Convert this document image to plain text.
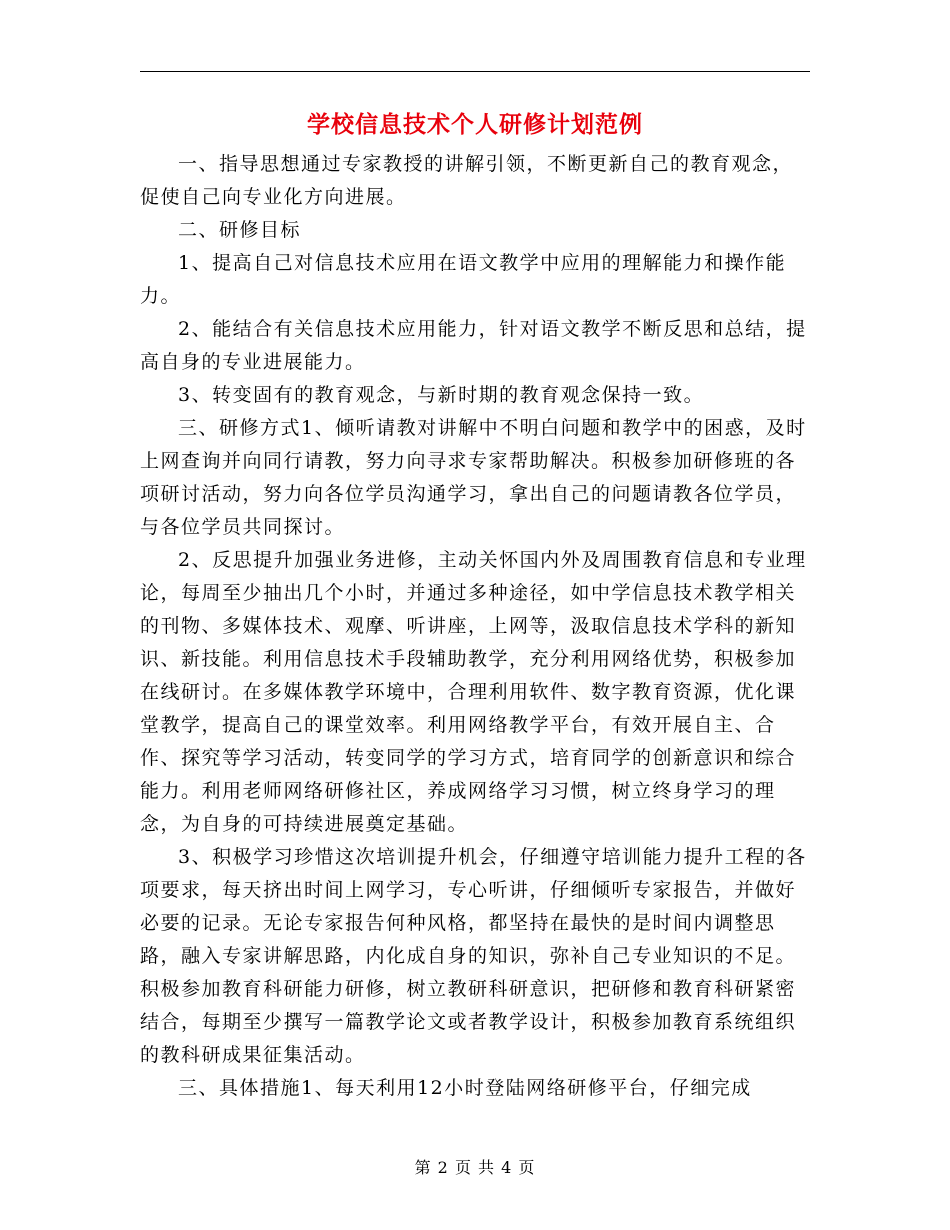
学校信息技术个人研修计划范例

一、指导思想通过专家教授的讲解引领，不断更新自己的教育观念，促使自己向专业化方向进展。

二、研修目标

1、提高自己对信息技术应用在语文教学中应用的理解能力和操作能力。

2、能结合有关信息技术应用能力，针对语文教学不断反思和总结，提高自身的专业进展能力。

3、转变固有的教育观念，与新时期的教育观念保持一致。

三、研修方式1、倾听请教对讲解中不明白问题和教学中的困惑，及时上网查询并向同行请教，努力向寻求专家帮助解决。积极参加研修班的各项研讨活动，努力向各位学员沟通学习，拿出自己的问题请教各位学员，与各位学员共同探讨。

2、反思提升加强业务进修，主动关怀国内外及周围教育信息和专业理论，每周至少抽出几个小时，并通过多种途径，如中学信息技术教学相关的刊物、多媒体技术、观摩、听讲座，上网等，汲取信息技术学科的新知识、新技能。利用信息技术手段辅助教学，充分利用网络优势，积极参加在线研讨。在多媒体教学环境中，合理利用软件、数字教育资源，优化课堂教学，提高自己的课堂效率。利用网络教学平台，有效开展自主、合作、探究等学习活动，转变同学的学习方式，培育同学的创新意识和综合能力。利用老师网络研修社区，养成网络学习习惯，树立终身学习的理念，为自身的可持续进展奠定基础。

3、积极学习珍惜这次培训提升机会，仔细遵守培训能力提升工程的各项要求，每天挤出时间上网学习，专心听讲，仔细倾听专家报告，并做好必要的记录。无论专家报告何种风格，都坚持在最快的是时间内调整思路，融入专家讲解思路，内化成自身的知识，弥补自己专业知识的不足。积极参加教育科研能力研修，树立教研科研意识，把研修和教育科研紧密结合，每期至少撰写一篇教学论文或者教学设计，积极参加教育系统组织的教科研成果征集活动。

三、具体措施1、每天利用12小时登陆网络研修平台，仔细完成

第 2 页 共 4 页
